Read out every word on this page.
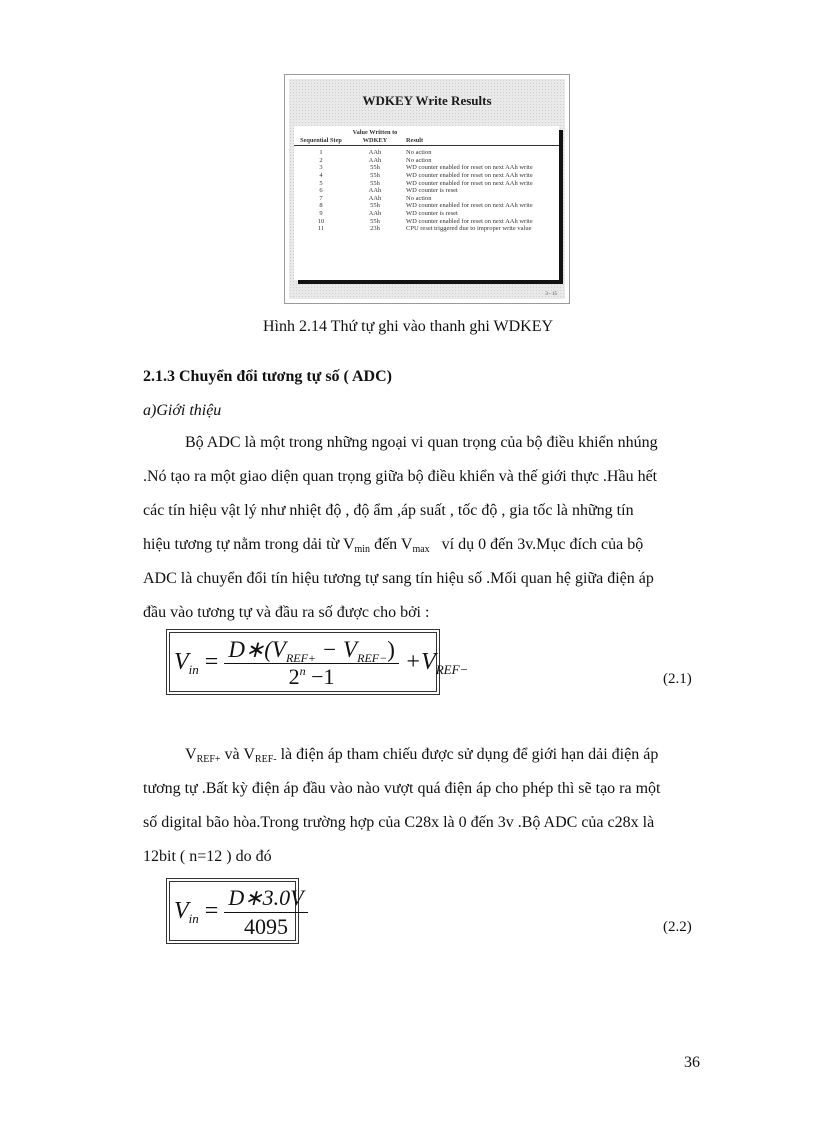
WDKEY Write Results
Sequential Step	Value Written to WDKEY	Result
1	AAh	No action
2	AAh	No action
3	55h	WD counter enabled for reset on next AAh write
4	55h	WD counter enabled for reset on next AAh write
5	55h	WD counter enabled for reset on next AAh write
6	AAh	WD counter is reset
7	AAh	No action
8	55h	WD counter enabled for reset on next AAh write
9	AAh	WD counter is reset
10	55h	WD counter enabled for reset on next AAh write
11	23h	CPU reset triggered due to improper write value
3 - 15
Hình 2.14 Thứ tự ghi vào thanh ghi WDKEY
2.1.3 Chuyển đổi tương tự số ( ADC)
a)Giới thiệu
Bộ ADC là một trong những ngoại vi quan trọng của bộ điều khiển nhúng
.Nó tạo ra một giao diện quan trọng giữa bộ điều khiển và thế giới thực .Hầu hết
các tín hiệu vật lý như nhiệt độ , độ ẩm ,áp suất , tốc độ , gia tốc là những tín
hiệu tương tự nằm trong dải từ $V_{min}$ đến $V_{max}$   ví dụ 0 đến 3v.Mục đích của bộ
ADC là chuyển đổi tín hiệu tương tự sang tín hiệu số .Mối quan hệ giữa điện áp
đầu vào tương tự và đầu ra số được cho bởi :
$V_{in} = \frac{D∗(V_{REF+} - V_{REF-})}{2^n -1} +V_{REF-}$
(2.1)
$V_{REF+}$ và $V_{REF-}$ là điện áp tham chiếu được sử dụng để giới hạn dải điện áp
tương tự .Bất kỳ điện áp đầu vào nào vượt quá điện áp cho phép thì sẽ tạo ra một
số digital bão hòa.Trong trường hợp của C28x là 0 đến 3v .Bộ ADC của c28x là
12bit ( n=12 ) do đó
$V_{in} = \frac{D∗3.0V}{4095}$	(2.2)
36
